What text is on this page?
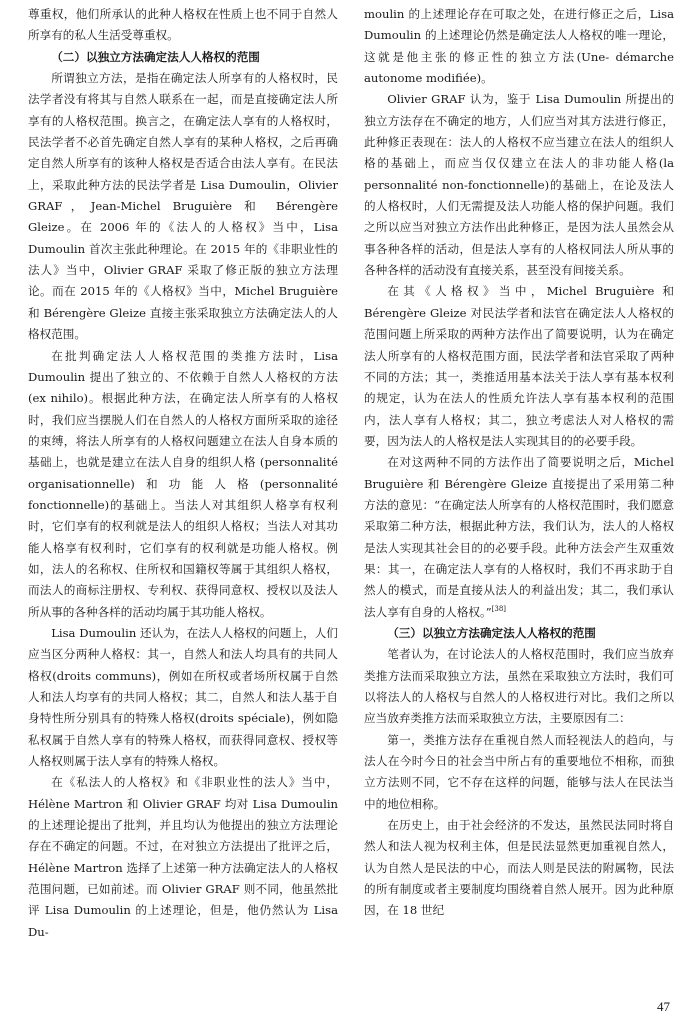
尊重权，他们所承认的此种人格权在性质上也不同于自然人所享有的私人生活受尊重权。

（二）以独立方法确定法人人格权的范围

所谓独立方法，是指在确定法人所享有的人格权时，民法学者没有将其与自然人联系在一起，而是直接确定法人所享有的人格权范围。换言之，在确定法人享有的人格权时，民法学者不必首先确定自然人享有的某种人格权，之后再确定自然人所享有的该种人格权是否适合由法人享有。在民法上，采取此种方法的民法学者是 Lisa Dumoulin，Olivier GRAF，Jean-Michel Bruguière 和 Bérengère Gleize。在 2006 年的《法人的人格权》当中，Lisa Dumoulin 首次主张此种理论。在 2015 年的《非职业性的法人》当中，Olivier GRAF 采取了修正版的独立方法理论。而在 2015 年的《人格权》当中，Michel Bruguière 和 Bérengère Gleize 直接主张采取独立方法确定法人的人格权范围。

在批判确定法人人格权范围的类推方法时，Lisa Dumoulin 提出了独立的、不依赖于自然人人格权的方法(ex nihilo)。根据此种方法，在确定法人所享有的人格权时，我们应当摆脱人们在自然人的人格权方面所采取的途径的束缚，将法人所享有的人格权问题建立在法人自身本质的基础上，也就是建立在法人自身的组织人格 (personnalité organisationnelle)和功能人格(personnalité fonctionnelle)的基础上。当法人对其组织人格享有权利时，它们享有的权利就是法人的组织人格权；当法人对其功能人格享有权利时，它们享有的权利就是功能人格权。例如，法人的名称权、住所权和国籍权等属于其组织人格权，而法人的商标注册权、专利权、获得同意权、授权以及法人所从事的各种各样的活动均属于其功能人格权。

Lisa Dumoulin 还认为，在法人人格权的问题上，人们应当区分两种人格权：其一，自然人和法人均具有的共同人格权(droits communs)，例如在所权或者场所权属于自然人和法人均享有的共同人格权；其二，自然人和法人基于自身特性所分别具有的特殊人格权(droits spéciale)，例如隐私权属于自然人享有的特殊人格权，而获得同意权、授权等人格权则属于法人享有的特殊人格权。

在《私法人的人格权》和《非职业性的法人》当中，Hélène Martron 和 Olivier GRAF 均对 Lisa Dumoulin 的上述理论提出了批判，并且均认为他提出的独立方法理论存在不确定的问题。不过，在对独立方法提出了批评之后，Hélène Martron 选择了上述第一种方法确定法人的人格权范围问题，已如前述。而 Olivier GRAF 则不同，他虽然批评 Lisa Dumoulin 的上述理论，但是，他仍然认为 Lisa Du-

moulin 的上述理论存在可取之处，在进行修正之后，Lisa Dumoulin 的上述理论仍然是确定法人人格权的唯一理论，这就是他主张的修正性的独立方法(Une- démarche autonome modifiée)。

Olivier GRAF 认为，鉴于 Lisa Dumoulin 所提出的独立方法存在不确定的地方，人们应当对其方法进行修正，此种修正表现在：法人的人格权不应当建立在法人的组织人格的基础上，而应当仅仅建立在法人的非功能人格(la personnalité non-fonctionnelle)的基础上，在论及法人的人格权时，人们无需提及法人功能人格的保护问题。我们之所以应当对独立方法作出此种修正，是因为法人虽然会从事各种各样的活动，但是法人享有的人格权同法人所从事的各种各样的活动没有直接关系，甚至没有间接关系。

在其《人格权》当中，Michel Bruguière 和 Bérengère Gleize 对民法学者和法官在确定法人人格权的范围问题上所采取的两种方法作出了简要说明，认为在确定法人所享有的人格权范围方面，民法学者和法官采取了两种不同的方法；其一，类推适用基本法关于法人享有基本权利的规定，认为在法人的性质允许法人享有基本权利的范围内，法人享有人格权；其二，独立考虑法人对人格权的需要，因为法人的人格权是法人实现其目的的必要手段。

在对这两种不同的方法作出了简要说明之后，Michel Bruguière 和 Bérengère Gleize 直接提出了采用第二种方法的意见：“在确定法人所享有的人格权范围时，我们愿意采取第二种方法，根据此种方法，我们认为，法人的人格权是法人实现其社会目的的必要手段。此种方法会产生双重效果：其一，在确定法人享有的人格权时，我们不再求助于自然人的模式，而是直接从法人的利益出发；其二，我们承认法人享有自身的人格权。”[38]

（三）以独立方法确定法人人格权的范围

笔者认为，在讨论法人的人格权范围时，我们应当放弃类推方法而采取独立方法，虽然在采取独立方法时，我们可以将法人的人格权与自然人的人格权进行对比。我们之所以应当放弃类推方法而采取独立方法，主要原因有二：

第一，类推方法存在重视自然人而轻视法人的趋向，与法人在今时今日的社会当中所占有的重要地位不相称，而独立方法则不同，它不存在这样的问题，能够与法人在民法当中的地位相称。

在历史上，由于社会经济的不发达，虽然民法同时将自然人和法人视为权利主体，但是民法显然更加重视自然人，认为自然人是民法的中心，而法人则是民法的附属物，民法的所有制度或者主要制度均围绕着自然人展开。因为此种原因，在 18 世纪

47
